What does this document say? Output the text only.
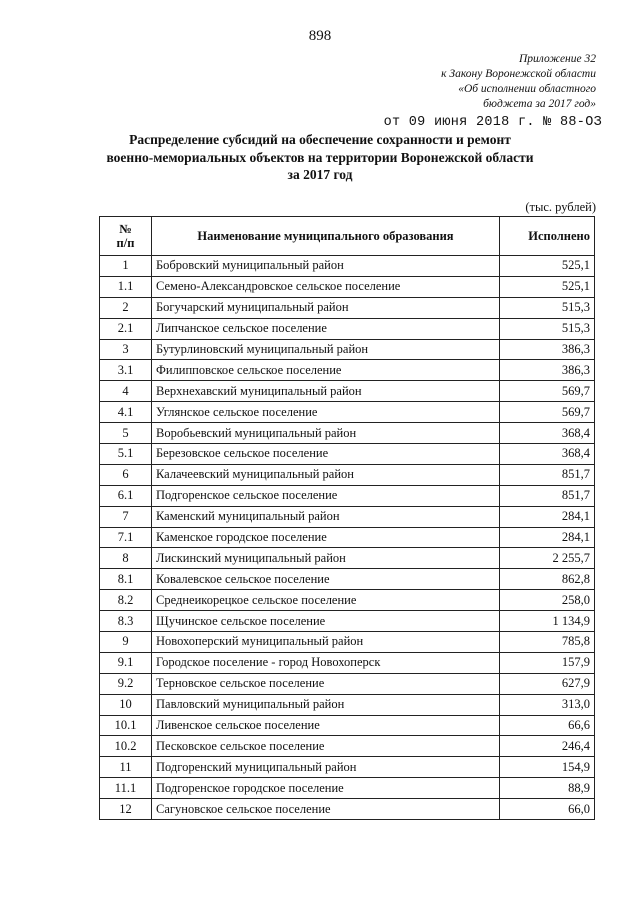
898
Приложение 32
к Закону Воронежской области
«Об исполнении областного
бюджета за 2017 год»
от 09 июня 2018 г. № 88-ОЗ
Распределение субсидий на обеспечение сохранности и ремонт
военно-мемориальных объектов на территории Воронежской области
за 2017 год
(тыс. рублей)
№
п/п	Наименование муниципального образования	Исполнено
1	Бобровский муниципальный район	525,1
1.1	Семено-Александровское сельское поселение	525,1
2	Богучарский муниципальный район	515,3
2.1	Липчанское сельское поселение	515,3
3	Бутурлиновский муниципальный район	386,3
3.1	Филипповское сельское поселение	386,3
4	Верхнехавский муниципальный район	569,7
4.1	Углянское сельское поселение	569,7
5	Воробьевский муниципальный район	368,4
5.1	Березовское сельское поселение	368,4
6	Калачеевский муниципальный район	851,7
6.1	Подгоренское сельское поселение	851,7
7	Каменский муниципальный район	284,1
7.1	Каменское городское поселение	284,1
8	Лискинский муниципальный район	2 255,7
8.1	Ковалевское сельское поселение	862,8
8.2	Среднеикорецкое сельское поселение	258,0
8.3	Щучинское сельское поселение	1 134,9
9	Новохоперский муниципальный район	785,8
9.1	Городское поселение - город Новохоперск	157,9
9.2	Терновское сельское поселение	627,9
10	Павловский муниципальный район	313,0
10.1	Ливенское сельское поселение	66,6
10.2	Песковское сельское поселение	246,4
11	Подгоренский муниципальный район	154,9
11.1	Подгоренское городское поселение	88,9
12	Сагуновское сельское поселение	66,0
